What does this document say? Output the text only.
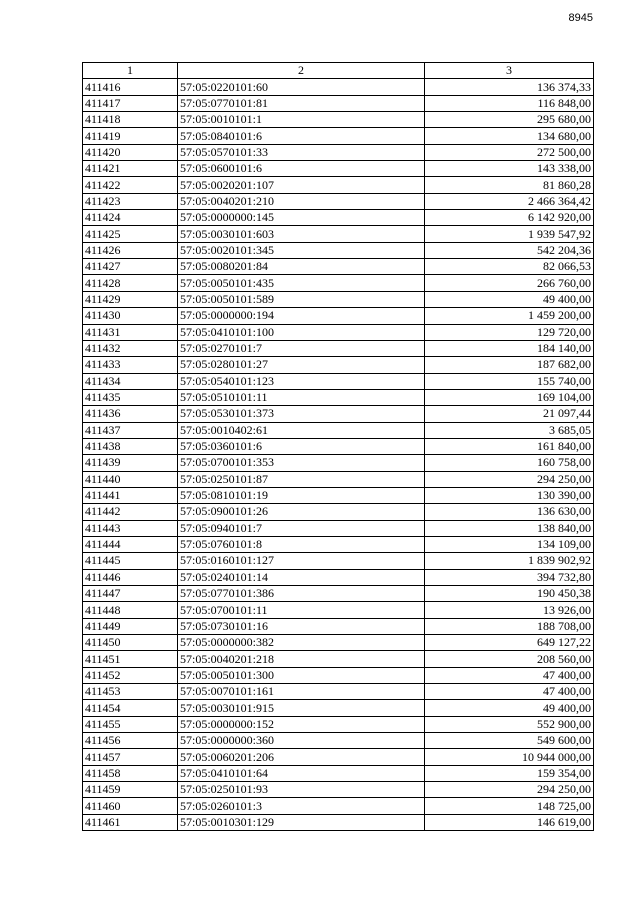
8945
1	2	3
411416	57:05:0220101:60	136 374,33
411417	57:05:0770101:81	116 848,00
411418	57:05:0010101:1	295 680,00
411419	57:05:0840101:6	134 680,00
411420	57:05:0570101:33	272 500,00
411421	57:05:0600101:6	143 338,00
411422	57:05:0020201:107	81 860,28
411423	57:05:0040201:210	2 466 364,42
411424	57:05:0000000:145	6 142 920,00
411425	57:05:0030101:603	1 939 547,92
411426	57:05:0020101:345	542 204,36
411427	57:05:0080201:84	82 066,53
411428	57:05:0050101:435	266 760,00
411429	57:05:0050101:589	49 400,00
411430	57:05:0000000:194	1 459 200,00
411431	57:05:0410101:100	129 720,00
411432	57:05:0270101:7	184 140,00
411433	57:05:0280101:27	187 682,00
411434	57:05:0540101:123	155 740,00
411435	57:05:0510101:11	169 104,00
411436	57:05:0530101:373	21 097,44
411437	57:05:0010402:61	3 685,05
411438	57:05:0360101:6	161 840,00
411439	57:05:0700101:353	160 758,00
411440	57:05:0250101:87	294 250,00
411441	57:05:0810101:19	130 390,00
411442	57:05:0900101:26	136 630,00
411443	57:05:0940101:7	138 840,00
411444	57:05:0760101:8	134 109,00
411445	57:05:0160101:127	1 839 902,92
411446	57:05:0240101:14	394 732,80
411447	57:05:0770101:386	190 450,38
411448	57:05:0700101:11	13 926,00
411449	57:05:0730101:16	188 708,00
411450	57:05:0000000:382	649 127,22
411451	57:05:0040201:218	208 560,00
411452	57:05:0050101:300	47 400,00
411453	57:05:0070101:161	47 400,00
411454	57:05:0030101:915	49 400,00
411455	57:05:0000000:152	552 900,00
411456	57:05:0000000:360	549 600,00
411457	57:05:0060201:206	10 944 000,00
411458	57:05:0410101:64	159 354,00
411459	57:05:0250101:93	294 250,00
411460	57:05:0260101:3	148 725,00
411461	57:05:0010301:129	146 619,00
